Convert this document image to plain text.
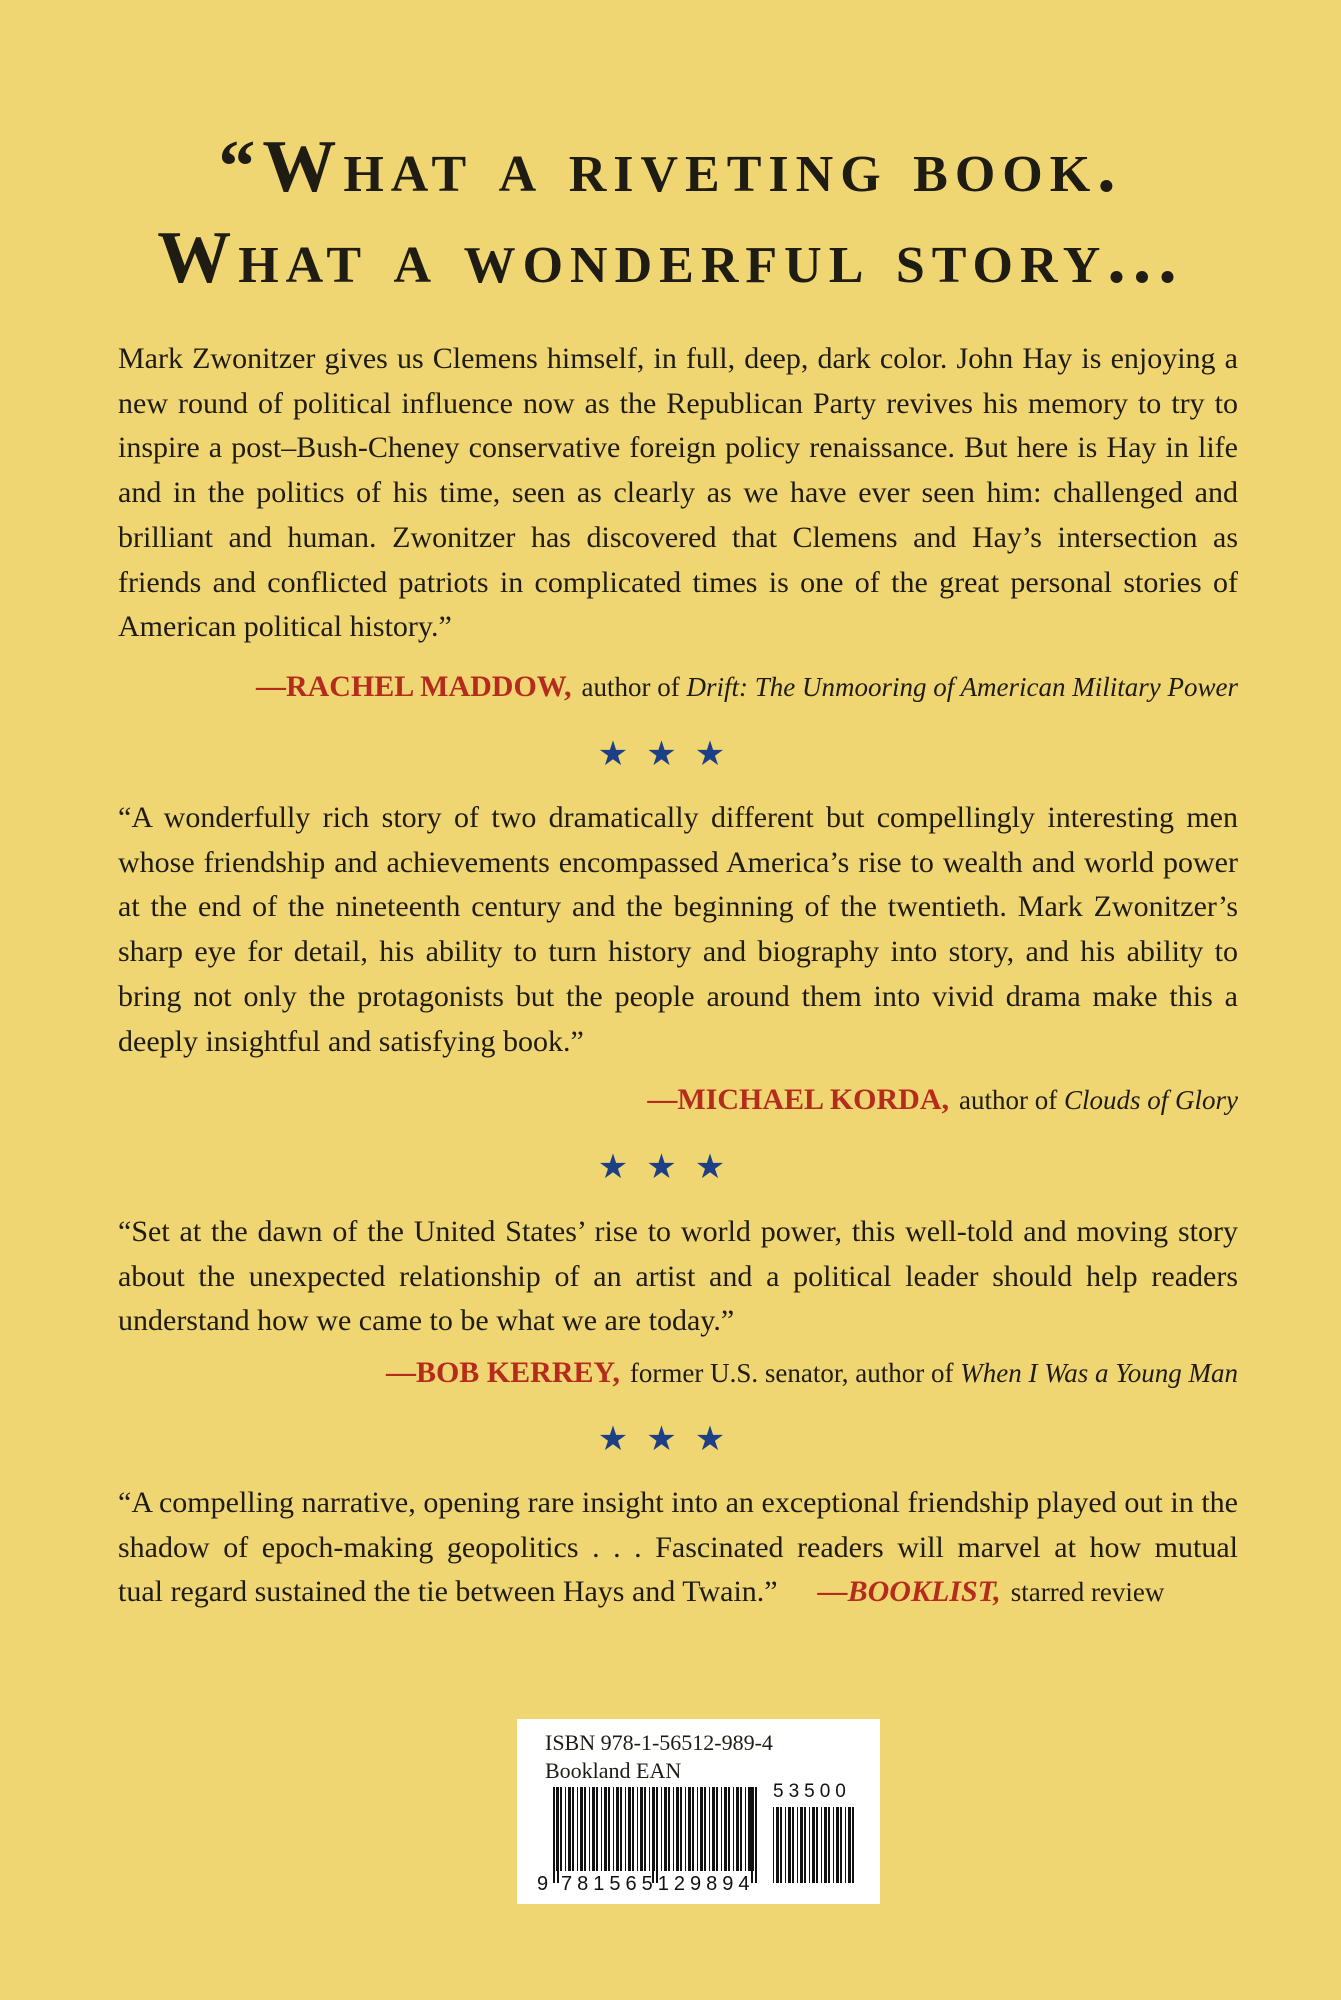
“What a riveting book.
What a wonderful story...
Mark Zwonitzer gives us Clemens himself, in full, deep, dark color. John Hay is enjoying a new round of political influence now as the Republican Party revives his memory to try to inspire a post–Bush-Cheney conservative foreign policy renaissance. But here is Hay in life and in the politics of his time, seen as clearly as we have ever seen him: challenged and brilliant and human. Zwonitzer has discovered that Clemens and Hay’s intersection as friends and conflicted patriots in complicated times is one of the great personal stories of American political history.”
—RACHEL MADDOW, author of Drift: The Unmooring of American Military Power
★★★
“A wonderfully rich story of two dramatically different but compellingly interesting men whose friendship and achievements encompassed America’s rise to wealth and world power at the end of the nineteenth century and the beginning of the twentieth. Mark Zwonitzer’s sharp eye for detail, his ability to turn history and biography into story, and his ability to bring not only the protagonists but the people around them into vivid drama make this a deeply insightful and satisfying book.”
—MICHAEL KORDA, author of Clouds of Glory
★★★
“Set at the dawn of the United States’ rise to world power, this well-told and moving story about the unexpected relationship of an artist and a political leader should help readers understand how we came to be what we are today.”
—BOB KERREY, former U.S. senator, author of When I Was a Young Man
★★★
“A compelling narrative, opening rare insight into an exceptional friendship played out in the shadow of epoch-making geopolitics . . . Fascinated readers will marvel at how mutual
tual regard sustained the tie between Hays and Twain.” —BOOKLIST, starred review
ISBN 978-1-56512-989-4
Bookland EAN
9 781565129894
53500
